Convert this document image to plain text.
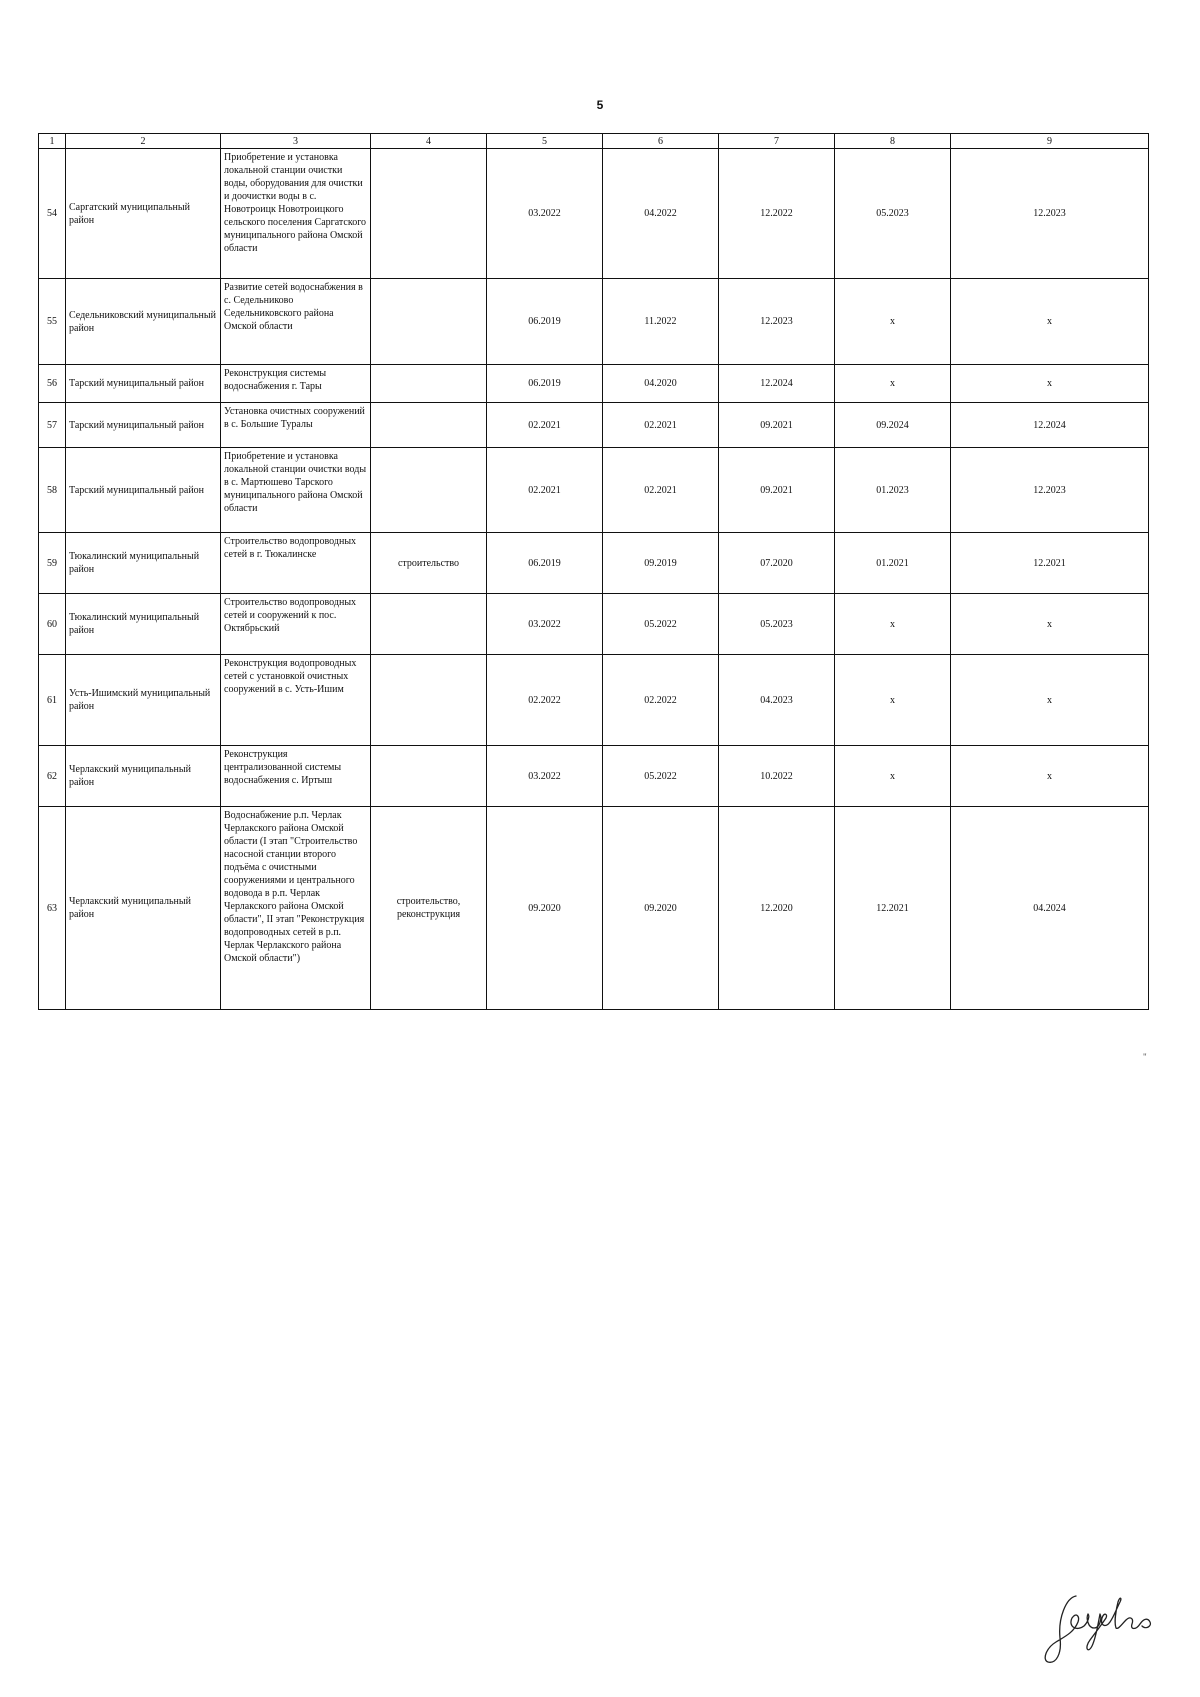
5
1	2	3	4	5	6	7	8	9
54	Саргатский муниципальный район	Приобретение и установка локальной станции очистки воды, оборудования для очистки и доочистки воды в с. Новотроицк Новотроицкого сельского поселения Саргатского муниципального района Омской области		03.2022	04.2022	12.2022	05.2023	12.2023
55	Седельниковский муниципальный район	Развитие сетей водоснабжения в с. Седельниково Седельниковского района Омской области		06.2019	11.2022	12.2023	x	x
56	Тарский муниципальный район	Реконструкция системы водоснабжения г. Тары		06.2019	04.2020	12.2024	x	x
57	Тарский муниципальный район	Установка очистных сооружений в с. Большие Туралы		02.2021	02.2021	09.2021	09.2024	12.2024
58	Тарский муниципальный район	Приобретение и установка локальной станции очистки воды в с. Мартюшево Тарского муниципального района Омской области		02.2021	02.2021	09.2021	01.2023	12.2023
59	Тюкалинский муниципальный район	Строительство водопроводных сетей в г. Тюкалинске	строительство	06.2019	09.2019	07.2020	01.2021	12.2021
60	Тюкалинский муниципальный район	Строительство водопроводных сетей и сооружений к пос. Октябрьский		03.2022	05.2022	05.2023	x	x
61	Усть-Ишимский муниципальный район	Реконструкция водопроводных сетей с установкой очистных сооружений в с. Усть-Ишим		02.2022	02.2022	04.2023	x	x
62	Черлакский муниципальный район	Реконструкция централизованной системы водоснабжения с. Иртыш		03.2022	05.2022	10.2022	x	x
63	Черлакский муниципальный район	Водоснабжение р.п. Черлак Черлакского района Омской области (I этап "Строительство насосной станции второго подъёма с очистными сооружениями и центрального водовода в р.п. Черлак Черлакского района Омской области", II этап "Реконструкция водопроводных сетей в р.п. Черлак Черлакского района Омской области")	строительство, реконструкция	09.2020	09.2020	12.2020	12.2021	04.2024
"
